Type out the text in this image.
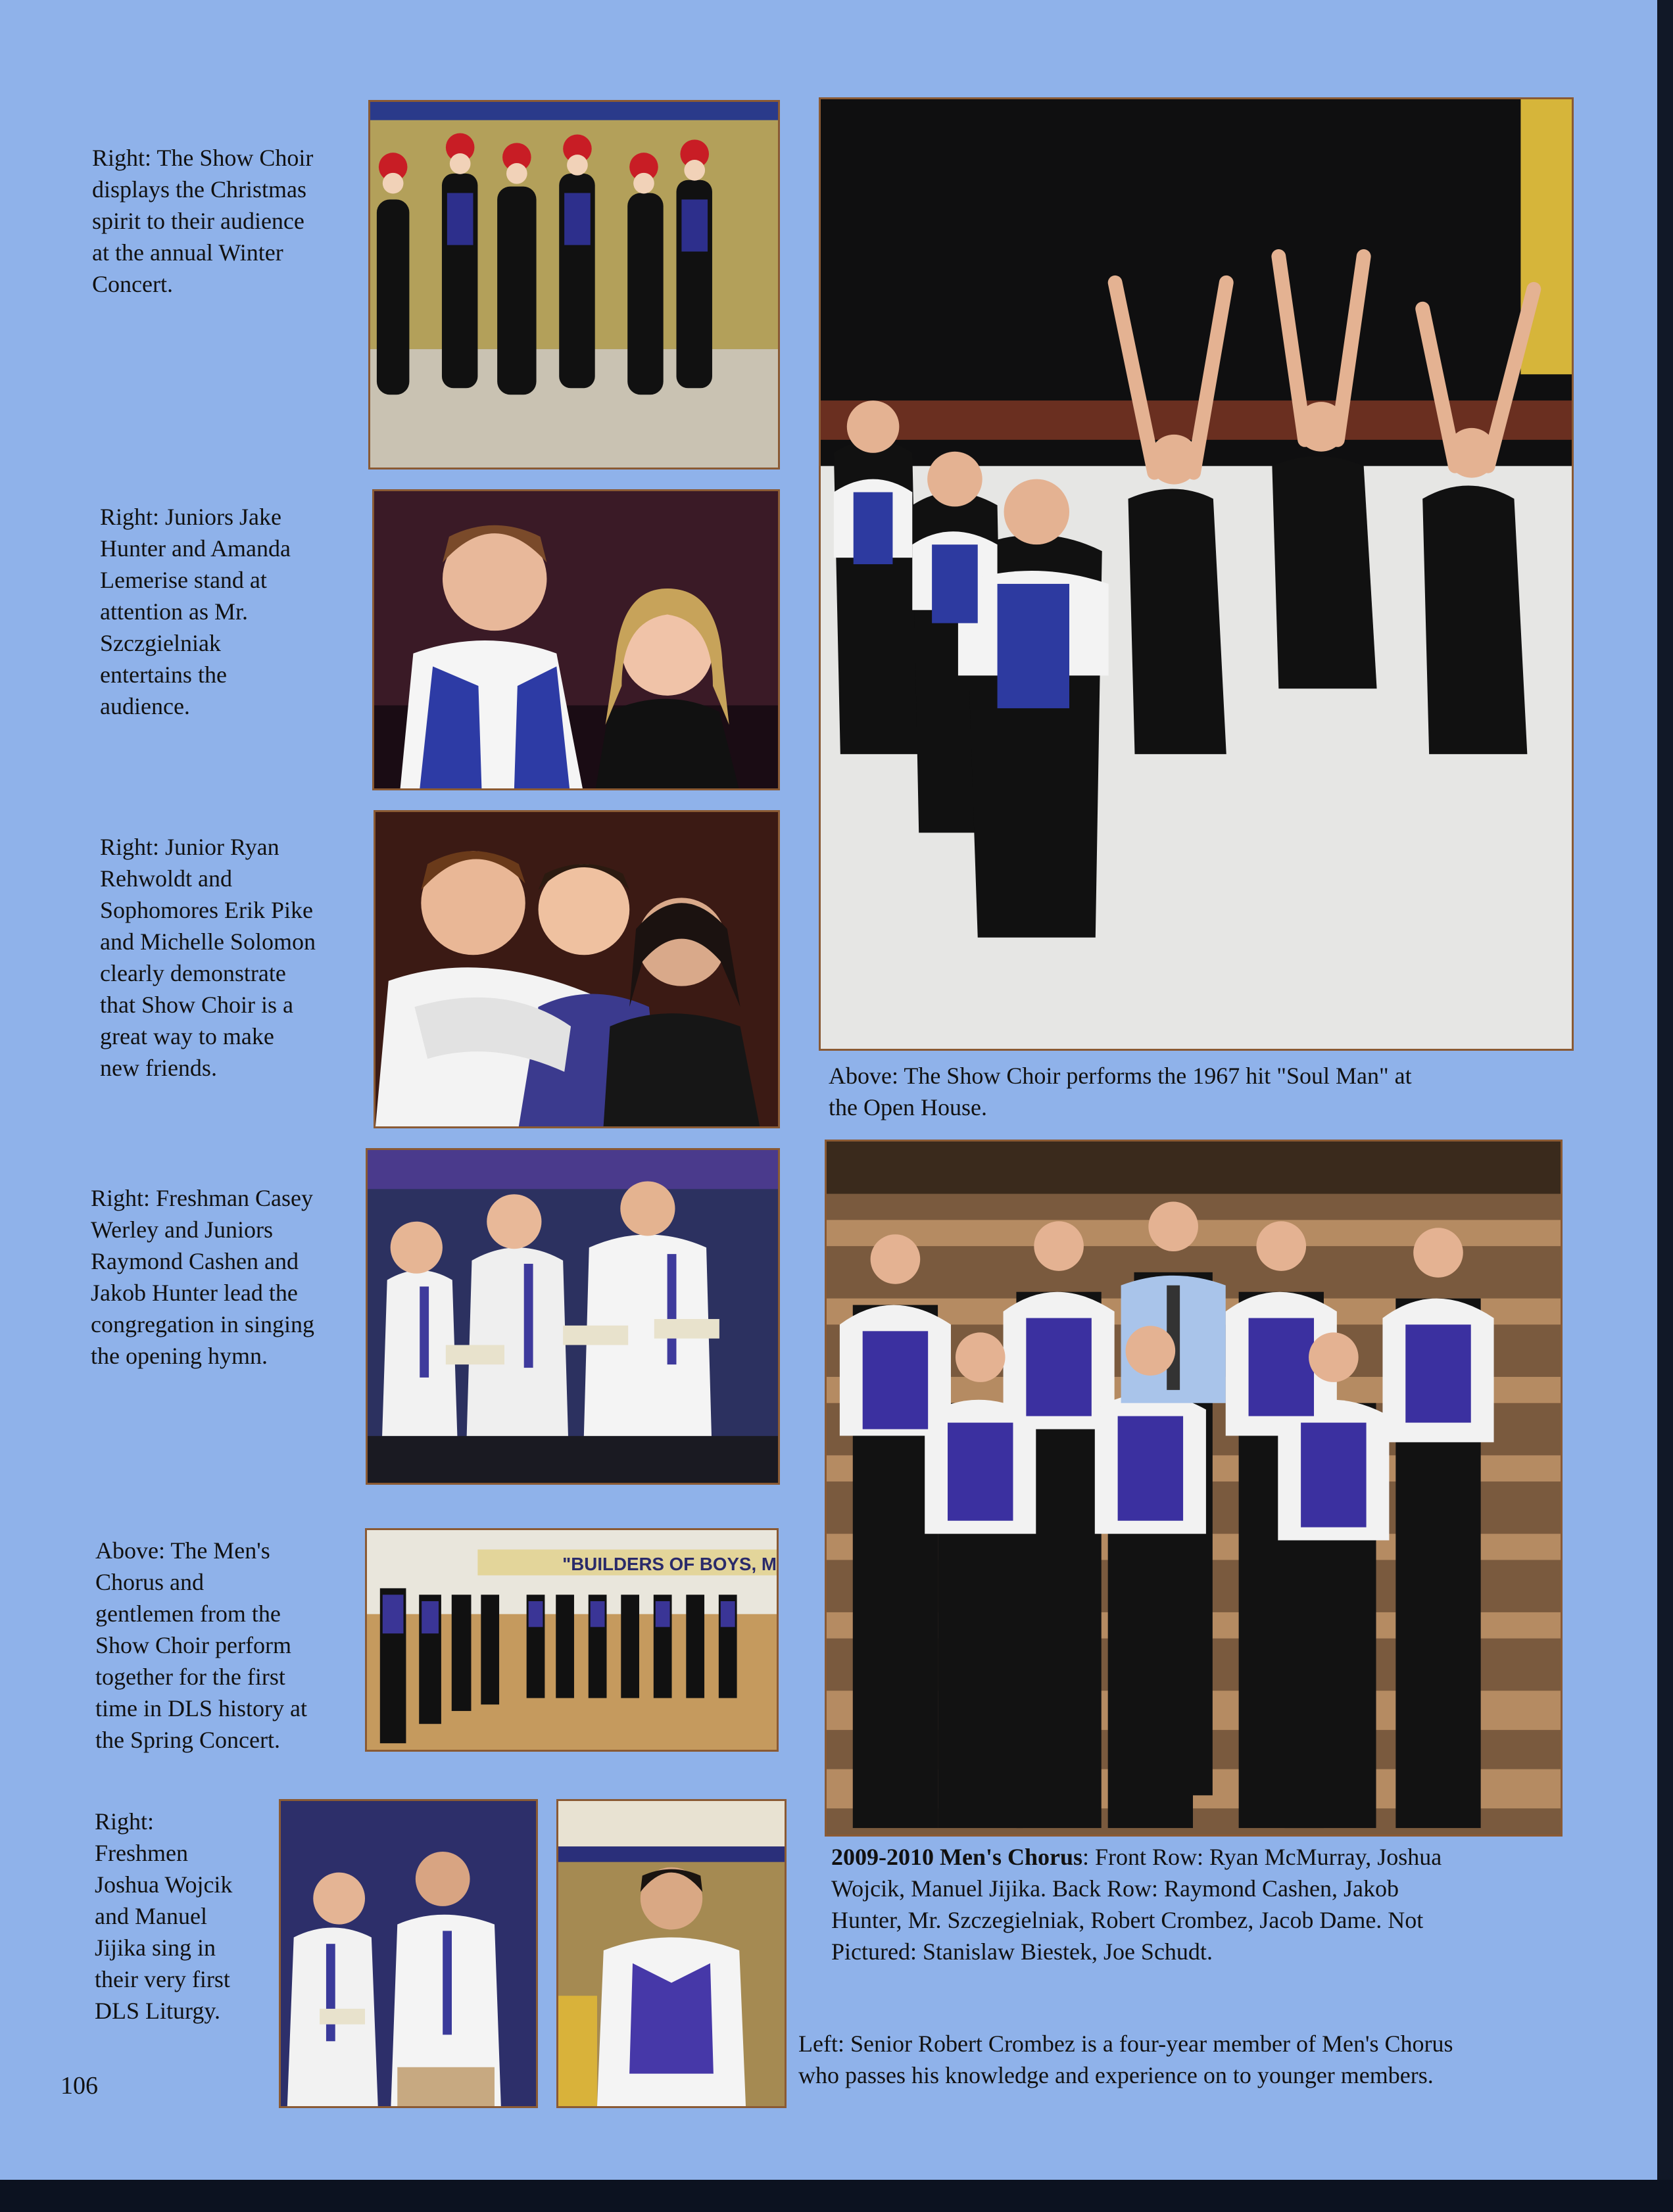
"BUILDERS OF BOYS, M
Right: The Show Choir
displays the Christmas
spirit to their audience
at the annual Winter
Concert.
Right: Juniors Jake
Hunter and Amanda
Lemerise stand at
attention as Mr.
Szczgielniak
entertains the
audience.
Right: Junior Ryan
Rehwoldt and
Sophomores Erik Pike
and Michelle Solomon
clearly demonstrate
that Show Choir is a
great way to make
new friends.
Right: Freshman Casey
Werley and Juniors
Raymond Cashen and
Jakob Hunter lead the
congregation in singing
the opening hymn.
Above: The Men's
Chorus and
gentlemen from the
Show Choir perform
together for the first
time in DLS history at
the Spring Concert.
Right:
Freshmen
Joshua Wojcik
and Manuel
Jijika sing in
their very first
DLS Liturgy.
Above: The Show Choir performs the 1967 hit "Soul Man" at
the Open House.
2009-2010 Men's Chorus: Front Row: Ryan McMurray, Joshua
Wojcik, Manuel Jijika. Back Row: Raymond Cashen, Jakob
Hunter, Mr. Szczegielniak, Robert Crombez, Jacob Dame. Not
Pictured: Stanislaw Biestek, Joe Schudt.
Left: Senior Robert Crombez is a four-year member of Men's Chorus
who passes his knowledge and experience on to younger members.
106
